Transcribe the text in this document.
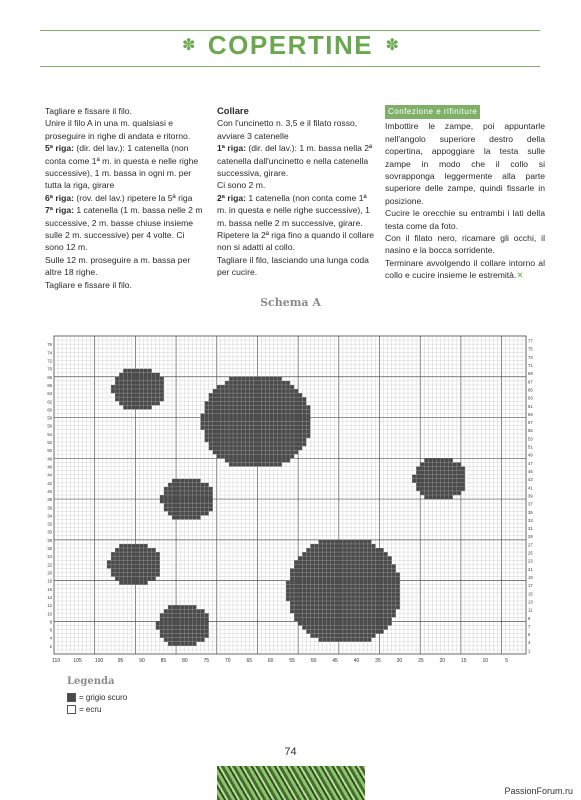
✽ COPERTINE ✽

Tagliare e fissare il filo.

Unire il filo A in una m. qualsiasi e proseguire in righe di andata e ritorno.

5ª riga: (dir. del lav.): 1 catenella (non conta come 1ª m. in questa e nelle righe successive), 1 m. bassa in ogni m. per tutta la riga, girare

6ª riga: (rov. del lav.) ripetere la 5ª riga

7ª riga: 1 catenella (1 m. bassa nelle 2 m successive, 2 m. basse chiuse insieme sulle 2 m. successive) per 4 volte. Ci sono 12 m.

Sulle 12 m. proseguire a m. bassa per altre 18 righe.

Tagliare e fissare il filo.

Collare

Con l'uncinetto n. 3,5 e il filato rosso, avviare 3 catenelle

1ª riga: (dir. del lav.): 1 m. bassa nella 2ª catenella dall'uncinetto e nella catenella successiva, girare.

Ci sono 2 m.

2ª riga: 1 catenella (non conta come 1ª m. in questa e nelle righe successive), 1 m. bassa nelle 2 m successive, girare.

Ripetere la 2ª riga fino a quando il collare non si adatti al collo.

Tagliare il filo, lasciando una lunga coda per cucire.

Confezione e rifiniture

Imbottire le zampe, poi appuntarle nell'angolo superiore destro della copertina, appoggiare la testa sulle zampe in modo che il collo si sovrapponga leggermente alla parte superiore delle zampe, quindi fissarle in posizione.

Cucire le orecchie su entrambi i lati della testa come da foto.

Con il filato nero, ricamare gli occhi, il nasino e la bocca sorridente.

Terminare avvolgendo il collare intorno al collo e cucire insieme le estremità.✕

Schema A
110	105	100	95	90	85	80	75	70	65	60	55	50	45	40	35	30	25	20	15	10	5
76
74
72
70
68
66
64
62
60
58
56
54
52
50
48
46
44
42
40
38
36
34
32
30
28
26
24
22
20
18
16
14
12
10
8
6
4
2
77
75
73
71
69
67
65
63
61
59
57
55
53
51
49
47
45
43
41
39
37
35
33
31
29
27
25
23
21
19
17
15
13
11
9
7
5
3
1
Legenda
= grigio scuro
= ecru
74
PassionForum.ru
